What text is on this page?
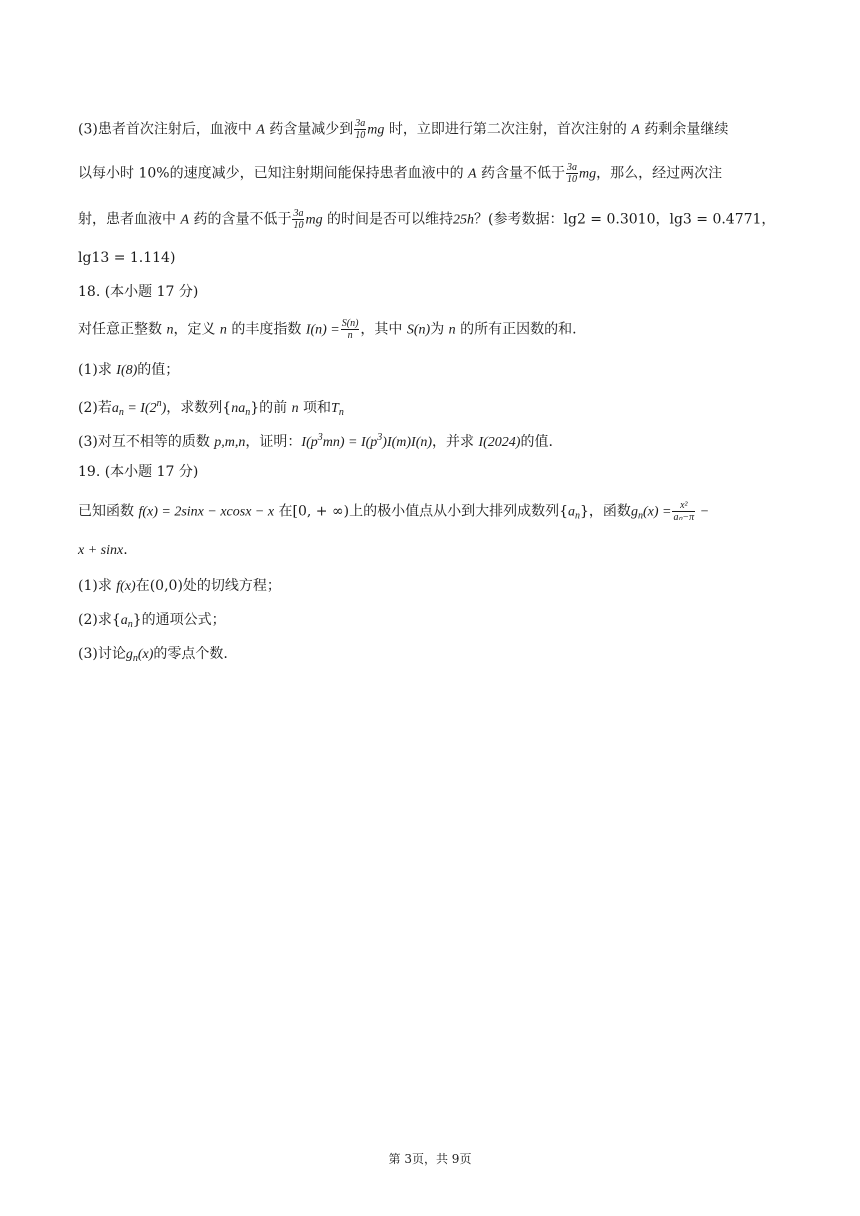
(3)患者首次注射后，血液中 A 药含量减少到 $\frac{3a}{10}$ mg 时，立即进行第二次注射，首次注射的 A 药剩余量继续
以每小时 10%的速度减少，已知注射期间能保持患者血液中的 A 药含量不低于 $\frac{3a}{10}$ mg，那么，经过两次注
射，患者血液中 A 药的含量不低于 $\frac{3a}{10}$ mg 的时间是否可以维持25h？(参考数据：lg2 = 0.3010，lg3 = 0.4771，
lg13 = 1.114)
18. (本小题 17 分)
对任意正整数 n，定义 n 的丰度指数 $I(n) = \frac{S(n)}{n}$ ，其中 S(n)为 n 的所有正因数的和.
(1)求 I(8)的值；
(2)若$a_n = I(2^n)$，求数列$\{na_n\}$的前 n 项和$T_n$
(3)对互不相等的质数 p,m,n，证明：$I(p^3mn) = I(p^3)I(m)I(n)$，并求 I(2024)的值.
19. (本小题 17 分)
已知函数 f(x) = 2sinx − xcosx − x 在[0, + ∞)上的极小值点从小到大排列成数列$\{a_n\}$，函数$g_n(x) = \frac{\text{x²}}{\text{aₙ−π}}$ −
x + sinx.
(1)求 f(x)在(0,0)处的切线方程；
(2)求$\{a_n\}$的通项公式；
(3)讨论$g_n(x)$的零点个数.
第 3页，共 9页
